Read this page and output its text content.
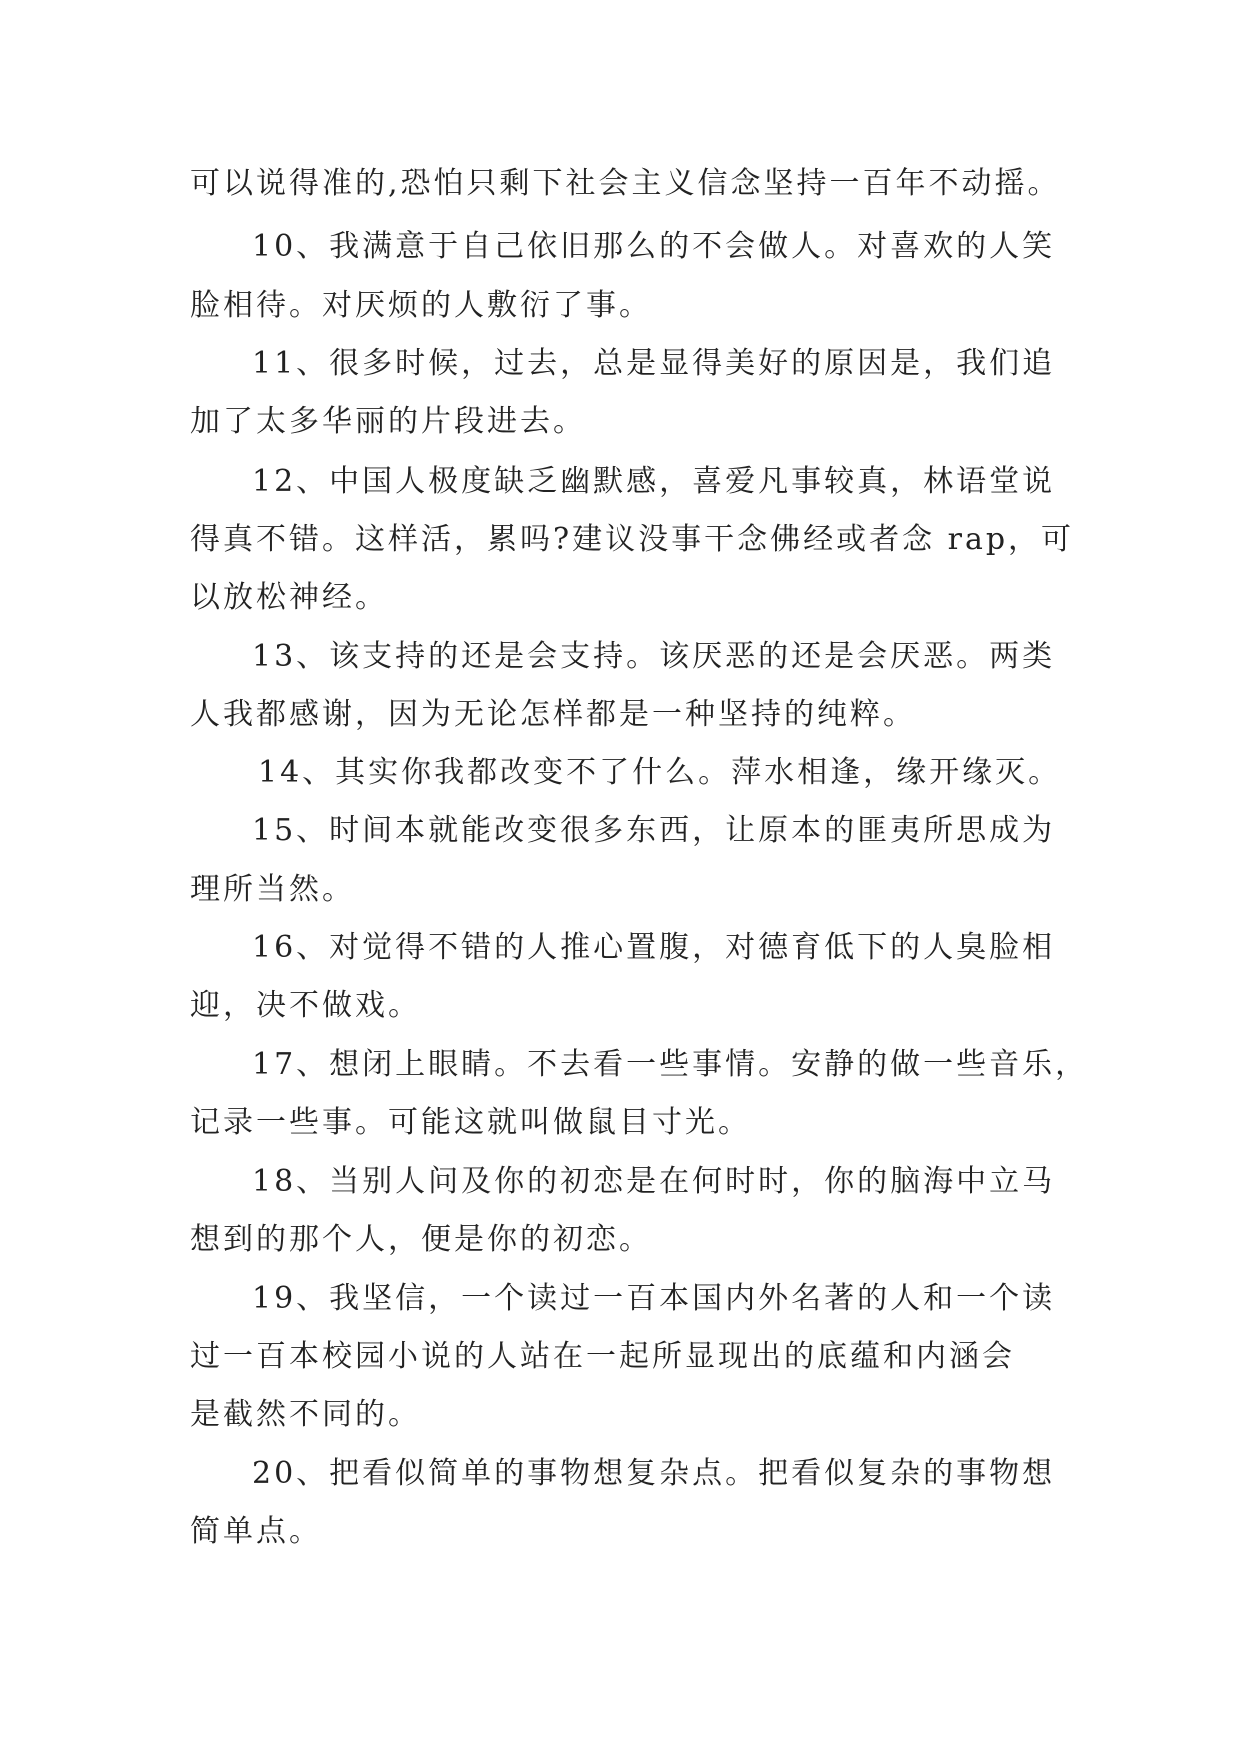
可以说得准的,恐怕只剩下社会主义信念坚持一百年不动摇。

10、我满意于自己依旧那么的不会做人。对喜欢的人笑

脸相待。对厌烦的人敷衍了事。

11、很多时候，过去，总是显得美好的原因是，我们追

加了太多华丽的片段进去。

12、中国人极度缺乏幽默感，喜爱凡事较真，林语堂说

得真不错。这样活，累吗?建议没事干念佛经或者念 rap，可

以放松神经。

13、该支持的还是会支持。该厌恶的还是会厌恶。两类

人我都感谢，因为无论怎样都是一种坚持的纯粹。

14、其实你我都改变不了什么。萍水相逢，缘开缘灭。

15、时间本就能改变很多东西，让原本的匪夷所思成为

理所当然。

16、对觉得不错的人推心置腹，对德育低下的人臭脸相

迎，决不做戏。

17、想闭上眼睛。不去看一些事情。安静的做一些音乐，

记录一些事。可能这就叫做鼠目寸光。

18、当别人问及你的初恋是在何时时，你的脑海中立马

想到的那个人，便是你的初恋。

19、我坚信，一个读过一百本国内外名著的人和一个读

过一百本校园小说的人站在一起所显现出的底蕴和内涵会

是截然不同的。

20、把看似简单的事物想复杂点。把看似复杂的事物想

简单点。
